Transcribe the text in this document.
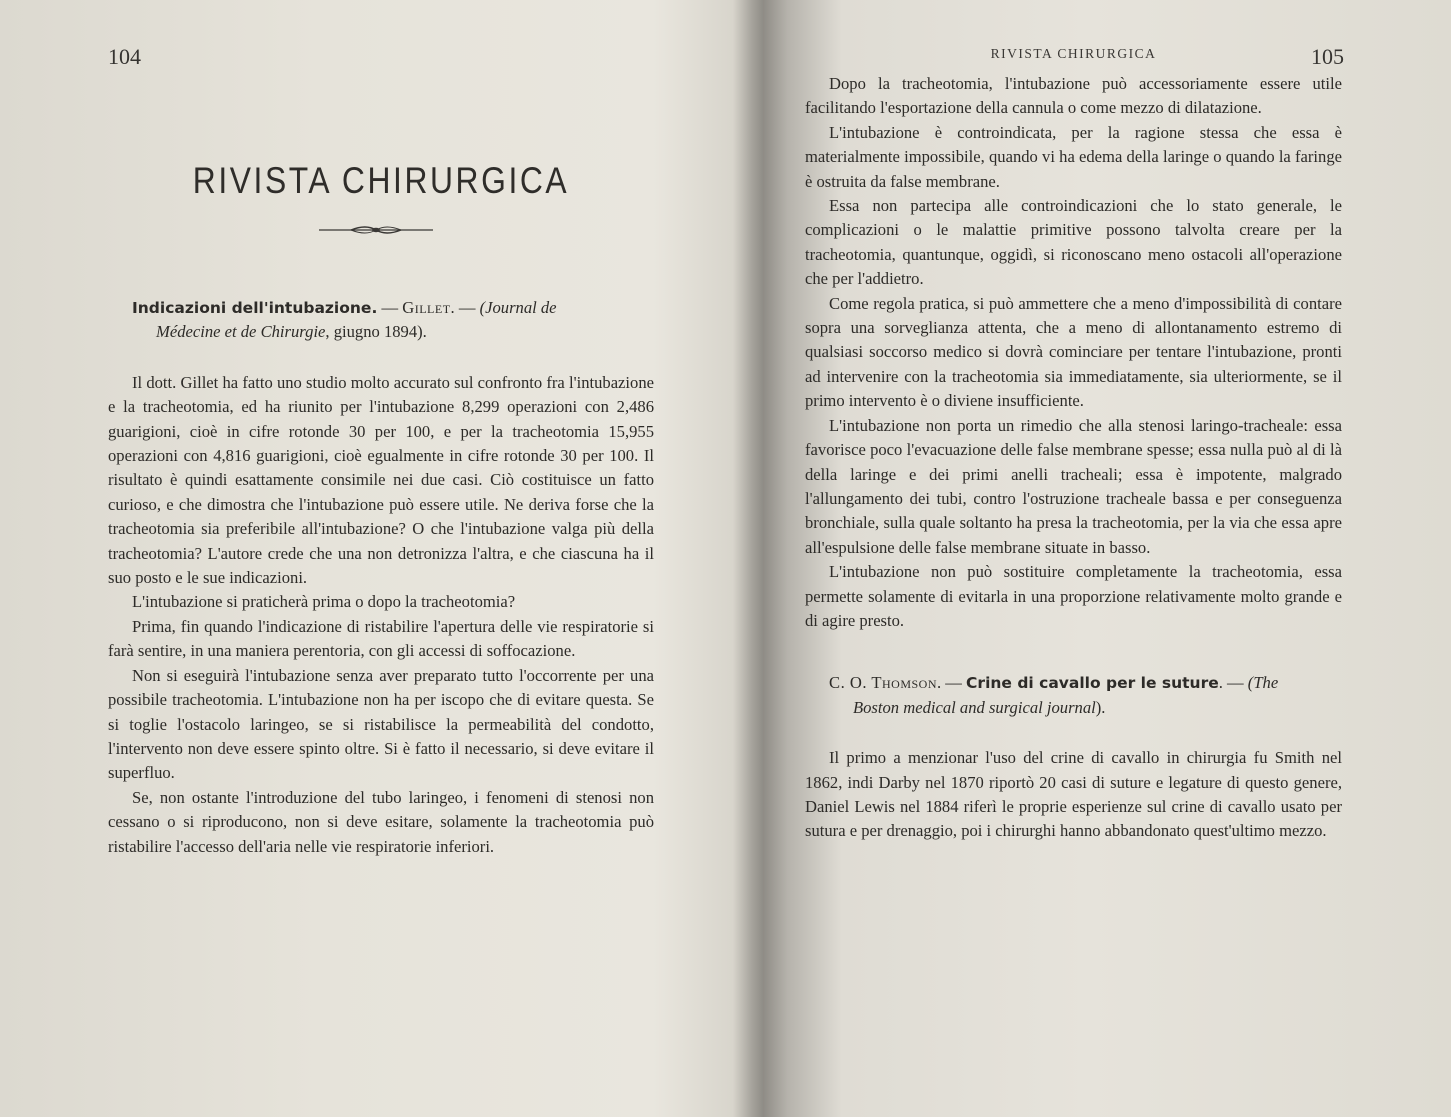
104
RIVISTA CHIRURGICA

Indicazioni dell'intubazione. — Gillet. — (Journal de
Médecine et de Chirurgie, giugno 1894).

Il dott. Gillet ha fatto uno studio molto accurato sul confronto fra l'intubazione e la tracheotomia, ed ha riunito per l'intubazione 8,299 operazioni con 2,486 guarigioni, cioè in cifre rotonde 30 per 100, e per la tracheotomia 15,955 operazioni con 4,816 guarigioni, cioè egualmente in cifre rotonde 30 per 100. Il risultato è quindi esattamente consimile nei due casi. Ciò costituisce un fatto curioso, e che dimostra che l'intubazione può essere utile. Ne deriva forse che la tracheotomia sia preferibile all'intubazione? O che l'intubazione valga più della tracheotomia? L'autore crede che una non detronizza l'altra, e che ciascuna ha il suo posto e le sue indicazioni.

L'intubazione si praticherà prima o dopo la tracheotomia?

Prima, fin quando l'indicazione di ristabilire l'apertura delle vie respiratorie si farà sentire, in una maniera perentoria, con gli accessi di soffocazione.

Non si eseguirà l'intubazione senza aver preparato tutto l'occorrente per una possibile tracheotomia. L'intubazione non ha per iscopo che di evitare questa. Se si toglie l'ostacolo laringeo, se si ristabilisce la permeabilità del condotto, l'intervento non deve essere spinto oltre. Si è fatto il necessario, si deve evitare il superfluo.

Se, non ostante l'introduzione del tubo laringeo, i fenomeni di stenosi non cessano o si riproducono, non si deve esitare, solamente la tracheotomia può ristabilire l'accesso dell'aria nelle vie respiratorie inferiori.

RIVISTA CHIRURGICA	105

Dopo la tracheotomia, l'intubazione può accessoriamente essere utile facilitando l'esportazione della cannula o come mezzo di dilatazione.

L'intubazione è controindicata, per la ragione stessa che essa è materialmente impossibile, quando vi ha edema della laringe o quando la faringe è ostruita da false membrane.

Essa non partecipa alle controindicazioni che lo stato generale, le complicazioni o le malattie primitive possono talvolta creare per la tracheotomia, quantunque, oggidì, si riconoscano meno ostacoli all'operazione che per l'addietro.

Come regola pratica, si può ammettere che a meno d'impossibilità di contare sopra una sorveglianza attenta, che a meno di allontanamento estremo di qualsiasi soccorso medico si dovrà cominciare per tentare l'intubazione, pronti ad intervenire con la tracheotomia sia immediatamente, sia ulteriormente, se il primo intervento è o diviene insufficiente.

L'intubazione non porta un rimedio che alla stenosi laringo-tracheale: essa favorisce poco l'evacuazione delle false membrane spesse; essa nulla può al di là della laringe e dei primi anelli tracheali; essa è impotente, malgrado l'allungamento dei tubi, contro l'ostruzione tracheale bassa e per conseguenza bronchiale, sulla quale soltanto ha presa la tracheotomia, per la via che essa apre all'espulsione delle false membrane situate in basso.

L'intubazione non può sostituire completamente la tracheotomia, essa permette solamente di evitarla in una proporzione relativamente molto grande e di agire presto.

C. O. Thomson. — Crine di cavallo per le suture. — (The
Boston medical and surgical journal).

Il primo a menzionar l'uso del crine di cavallo in chirurgia fu Smith nel 1862, indi Darby nel 1870 riportò 20 casi di suture e legature di questo genere, Daniel Lewis nel 1884 riferì le proprie esperienze sul crine di cavallo usato per sutura e per drenaggio, poi i chirurghi hanno abbandonato quest'ultimo mezzo.
